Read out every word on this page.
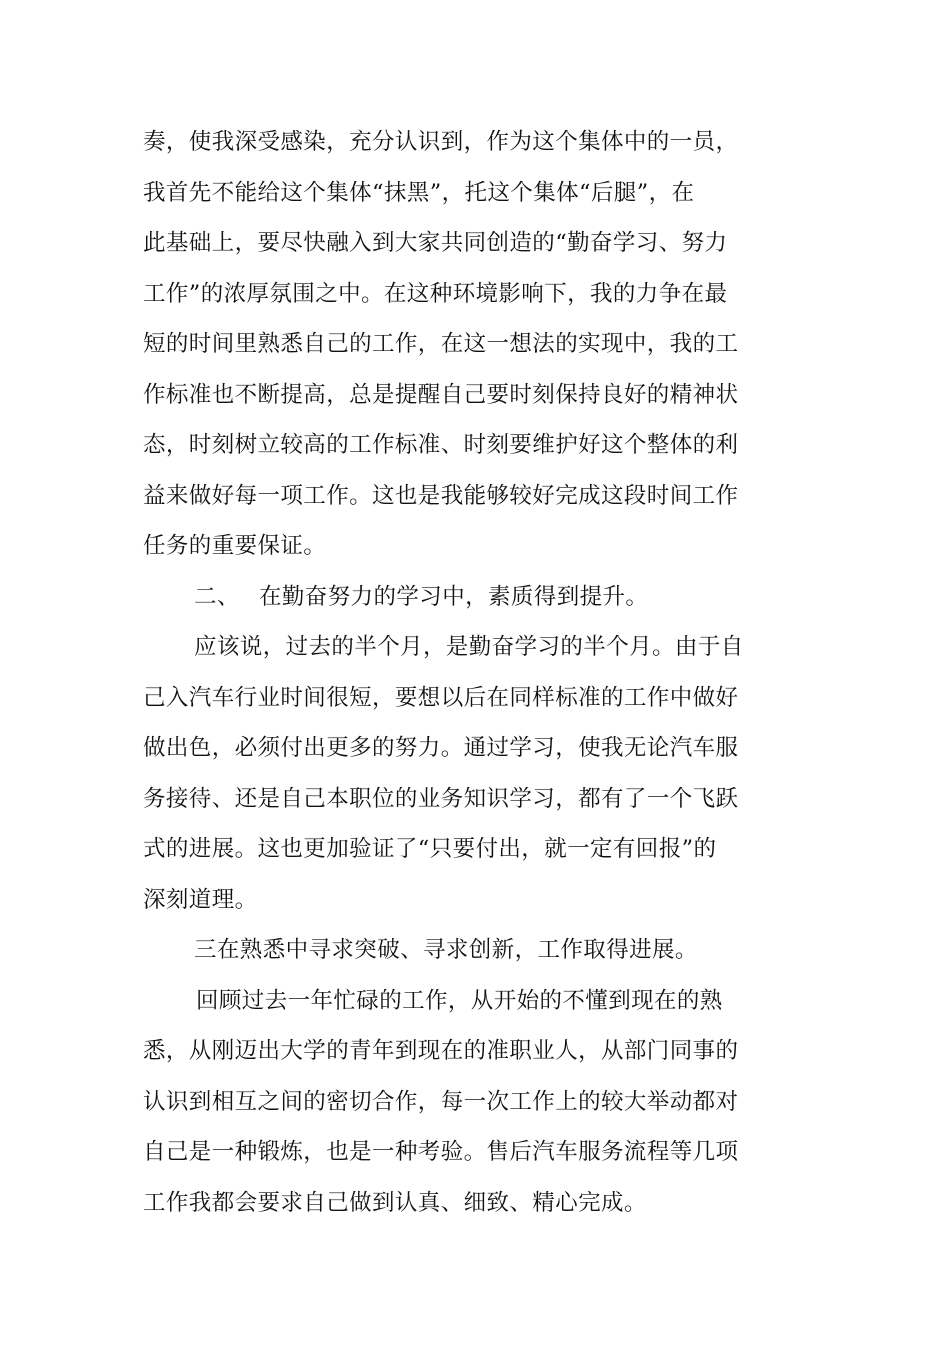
奏，使我深受感染，充分认识到，作为这个集体中的一员，
我首先不能给这个集体“抹黑”，托这个集体“后腿”，在
此基础上，要尽快融入到大家共同创造的“勤奋学习、努力
工作”的浓厚氛围之中。在这种环境影响下，我的力争在最
短的时间里熟悉自己的工作，在这一想法的实现中，我的工
作标准也不断提高，总是提醒自己要时刻保持良好的精神状
态，时刻树立较高的工作标准、时刻要维护好这个整体的利
益来做好每一项工作。这也是我能够较好完成这段时间工作
任务的重要保证。
二、 在勤奋努力的学习中，素质得到提升。
应该说，过去的半个月，是勤奋学习的半个月。由于自
己入汽车行业时间很短，要想以后在同样标准的工作中做好
做出色，必须付出更多的努力。通过学习，使我无论汽车服
务接待、还是自己本职位的业务知识学习，都有了一个飞跃
式的进展。这也更加验证了“只要付出，就一定有回报”的
深刻道理。
三在熟悉中寻求突破、寻求创新，工作取得进展。
回顾过去一年忙碌的工作，从开始的不懂到现在的熟
悉，从刚迈出大学的青年到现在的准职业人，从部门同事的
认识到相互之间的密切合作，每一次工作上的较大举动都对
自己是一种锻炼，也是一种考验。售后汽车服务流程等几项
工作我都会要求自己做到认真、细致、精心完成。
